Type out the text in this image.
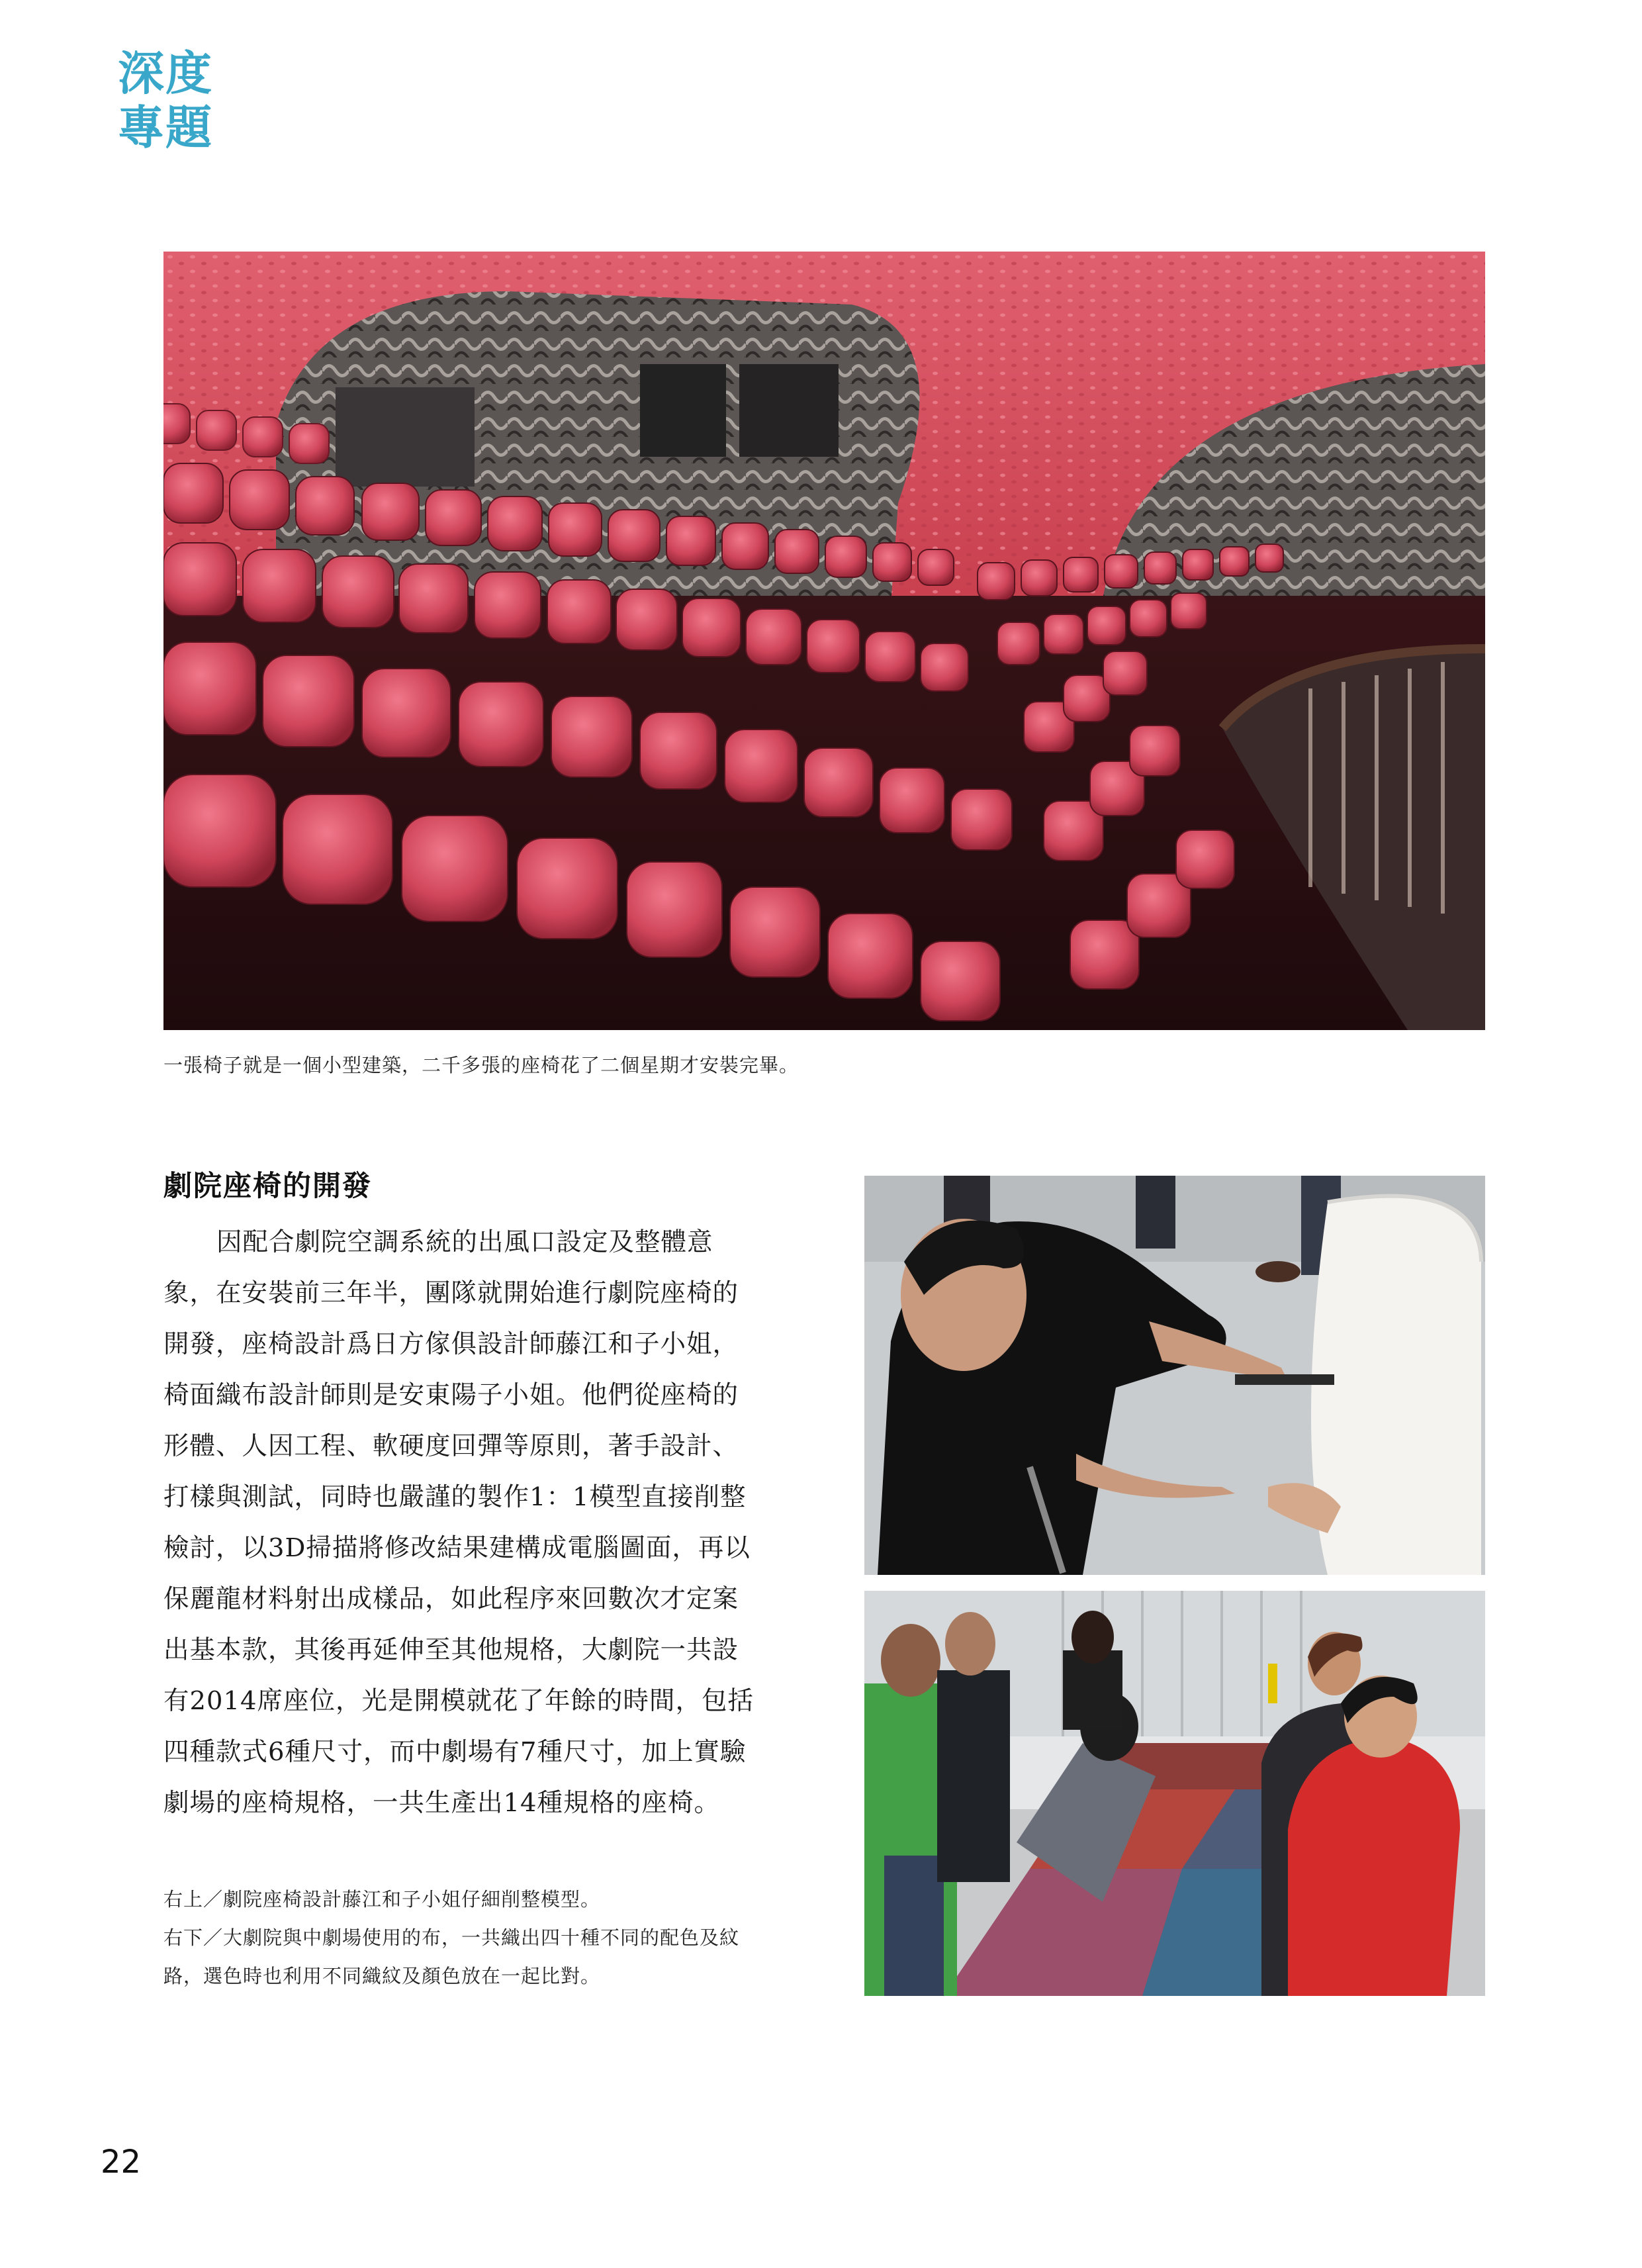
深度
專題
一張椅子就是一個小型建築，二千多張的座椅花了二個星期才安裝完畢。
劇院座椅的開發
因配合劇院空調系統的出風口設定及整體意
象，在安裝前三年半，團隊就開始進行劇院座椅的
開發，座椅設計爲日方傢俱設計師藤江和子小姐，
椅面織布設計師則是安東陽子小姐。他們從座椅的
形體、人因工程、軟硬度回彈等原則，著手設計、
打樣與測試，同時也嚴謹的製作1：1模型直接削整
檢討，以3D掃描將修改結果建構成電腦圖面，再以
保麗龍材料射出成樣品，如此程序來回數次才定案
出基本款，其後再延伸至其他規格，大劇院一共設
有2014席座位，光是開模就花了年餘的時間，包括
四種款式6種尺寸，而中劇場有7種尺寸，加上實驗
劇場的座椅規格，一共生產出14種規格的座椅。
右上／劇院座椅設計藤江和子小姐仔細削整模型。
右下／大劇院與中劇場使用的布，一共織出四十種不同的配色及紋
路，選色時也利用不同織紋及顏色放在一起比對。
22
